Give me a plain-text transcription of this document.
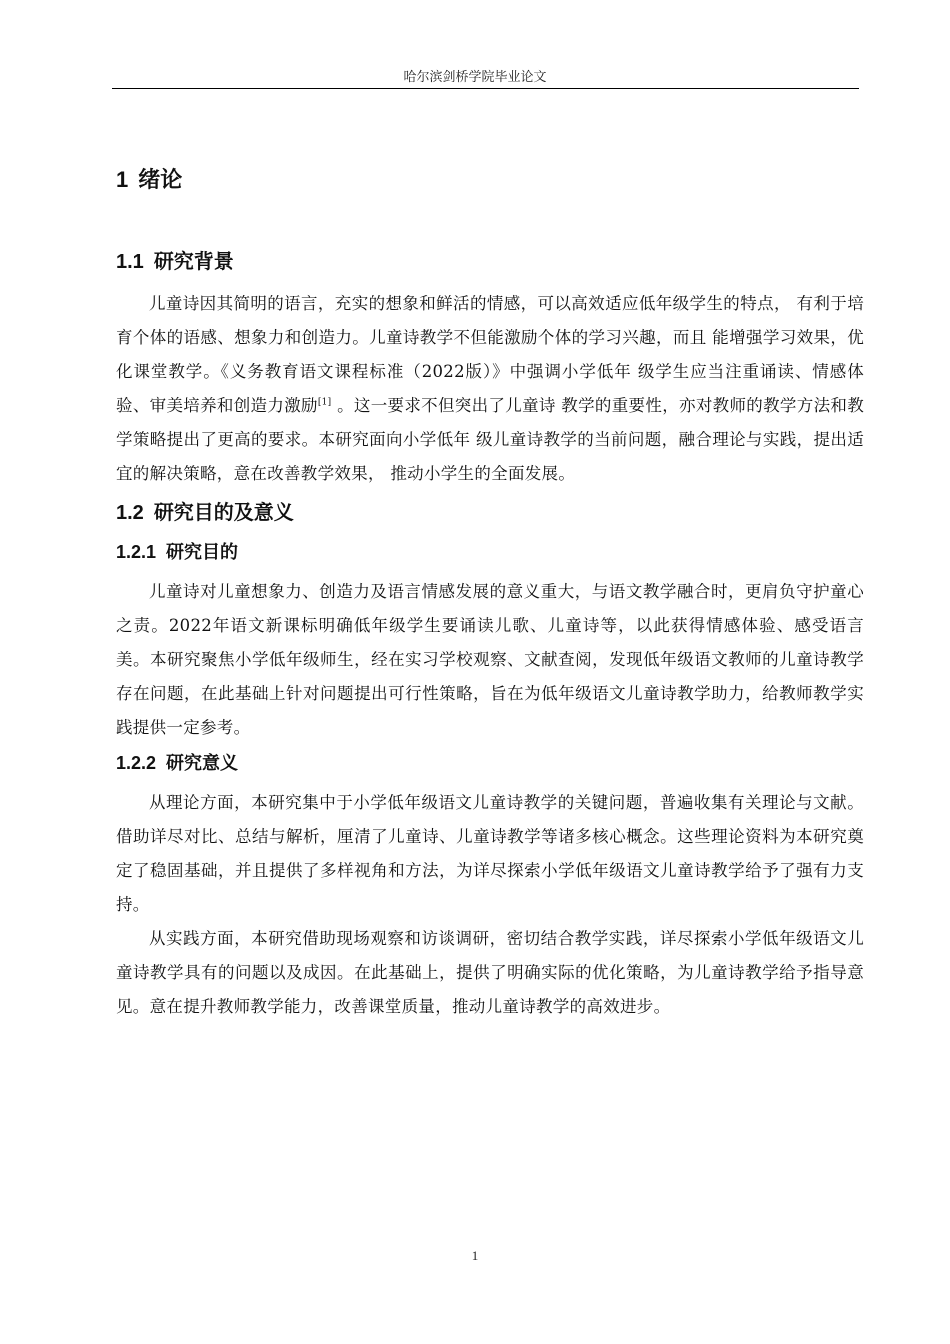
哈尔滨剑桥学院毕业论文
1 绪论
1.1 研究背景

儿童诗因其简明的语言，充实的想象和鲜活的情感，可以高效适应低年级学生的特点， 有利于培育个体的语感、想象力和创造力。儿童诗教学不但能激励个体的学习兴趣，而且 能增强学习效果，优化课堂教学。《义务教育语文课程标准（2022版）》中强调小学低年 级学生应当注重诵读、情感体验、审美培养和创造力激励[1] 。这一要求不但突出了儿童诗 教学的重要性，亦对教师的教学方法和教学策略提出了更高的要求。本研究面向小学低年 级儿童诗教学的当前问题，融合理论与实践，提出适宜的解决策略，意在改善教学效果， 推动小学生的全面发展。

1.2 研究目的及意义
1.2.1 研究目的

儿童诗对儿童想象力、创造力及语言情感发展的意义重大，与语文教学融合时，更肩负守护童心之责。2022年语文新课标明确低年级学生要诵读儿歌、儿童诗等，以此获得情感体验、感受语言美。本研究聚焦小学低年级师生，经在实习学校观察、文献查阅，发现低年级语文教师的儿童诗教学存在问题，在此基础上针对问题提出可行性策略，旨在为低年级语文儿童诗教学助力，给教师教学实践提供一定参考。

1.2.2 研究意义

从理论方面，本研究集中于小学低年级语文儿童诗教学的关键问题，普遍收集有关理论与文献。借助详尽对比、总结与解析，厘清了儿童诗、儿童诗教学等诸多核心概念。这些理论资料为本研究奠定了稳固基础，并且提供了多样视角和方法，为详尽探索小学低年级语文儿童诗教学给予了强有力支持。

从实践方面，本研究借助现场观察和访谈调研，密切结合教学实践，详尽探索小学低年级语文儿童诗教学具有的问题以及成因。在此基础上，提供了明确实际的优化策略，为儿童诗教学给予指导意见。意在提升教师教学能力，改善课堂质量，推动儿童诗教学的高效进步。

1
